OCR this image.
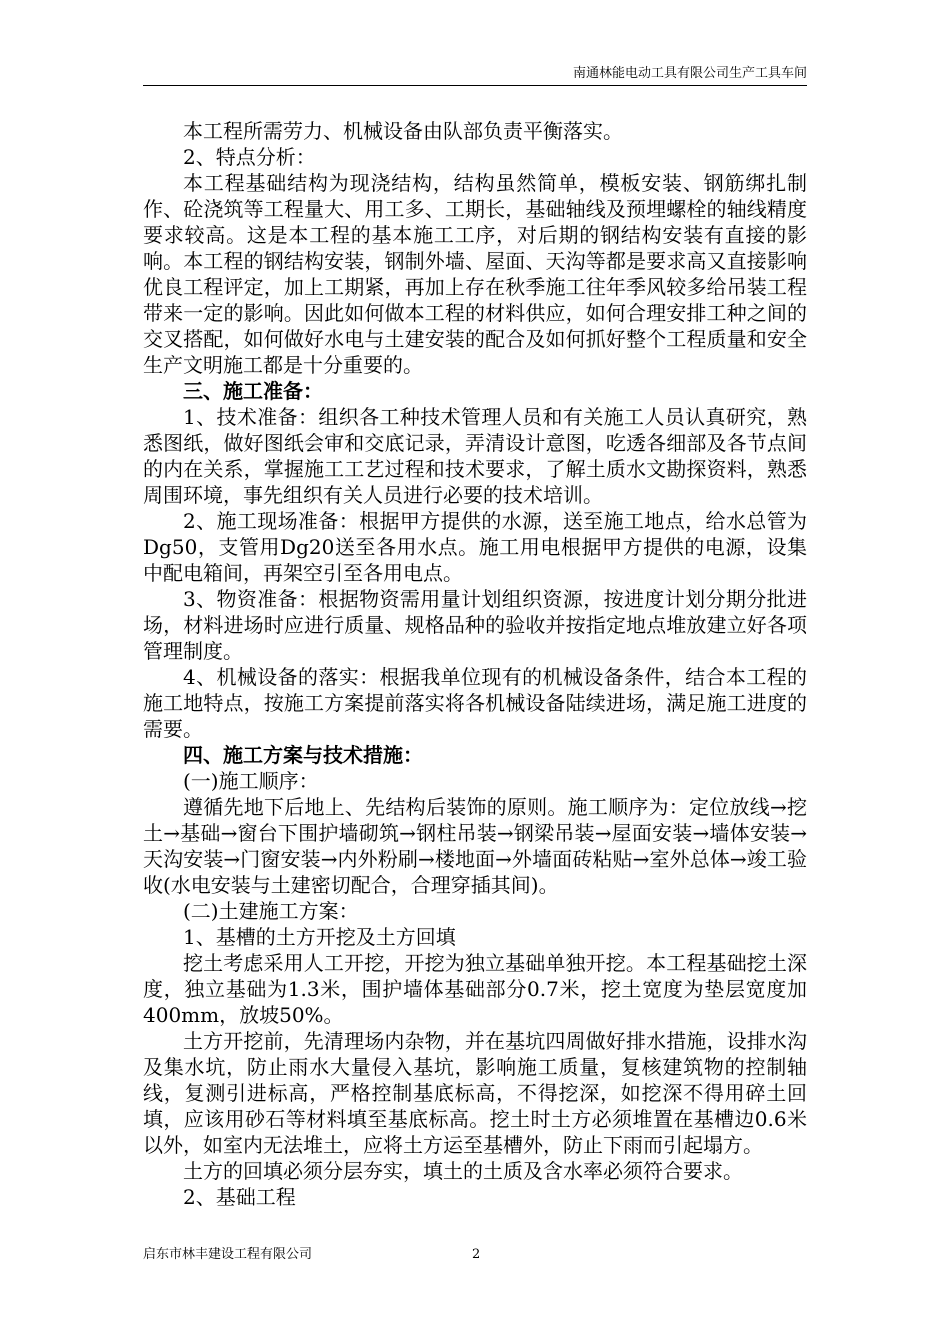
南通林能电动工具有限公司生产工具车间

本工程所需劳力、机械设备由队部负责平衡落实。

2、特点分析：

本工程基础结构为现浇结构，结构虽然简单，模板安装、钢筋绑扎制作、砼浇筑等工程量大、用工多、工期长，基础轴线及预埋螺栓的轴线精度要求较高。这是本工程的基本施工工序，对后期的钢结构安装有直接的影响。本工程的钢结构安装，钢制外墙、屋面、天沟等都是要求高又直接影响优良工程评定，加上工期紧，再加上存在秋季施工往年季风较多给吊装工程带来一定的影响。因此如何做本工程的材料供应，如何合理安排工种之间的交叉搭配，如何做好水电与土建安装的配合及如何抓好整个工程质量和安全生产文明施工都是十分重要的。

三、施工准备：

1、技术准备：组织各工种技术管理人员和有关施工人员认真研究，熟悉图纸，做好图纸会审和交底记录，弄清设计意图，吃透各细部及各节点间的内在关系，掌握施工工艺过程和技术要求，了解土质水文勘探资料，熟悉周围环境，事先组织有关人员进行必要的技术培训。

2、施工现场准备：根据甲方提供的水源，送至施工地点，给水总管为Dg50，支管用Dg20送至各用水点。施工用电根据甲方提供的电源，设集中配电箱间，再架空引至各用电点。

3、物资准备：根据物资需用量计划组织资源，按进度计划分期分批进场，材料进场时应进行质量、规格品种的验收并按指定地点堆放建立好各项管理制度。

4、机械设备的落实：根据我单位现有的机械设备条件，结合本工程的施工地特点，按施工方案提前落实将各机械设备陆续进场，满足施工进度的需要。

四、施工方案与技术措施：

(一)施工顺序：

遵循先地下后地上、先结构后装饰的原则。施工顺序为：定位放线→挖土→基础→窗台下围护墙砌筑→钢柱吊装→钢梁吊装→屋面安装→墙体安装→天沟安装→门窗安装→内外粉刷→楼地面→外墙面砖粘贴→室外总体→竣工验收(水电安装与土建密切配合，合理穿插其间)。

(二)土建施工方案：

1、基槽的土方开挖及土方回填

挖土考虑采用人工开挖，开挖为独立基础单独开挖。本工程基础挖土深度，独立基础为1.3米，围护墙体基础部分0.7米，挖土宽度为垫层宽度加400mm，放坡50%。

土方开挖前，先清理场内杂物，并在基坑四周做好排水措施，设排水沟及集水坑，防止雨水大量侵入基坑，影响施工质量，复核建筑物的控制轴线，复测引进标高，严格控制基底标高，不得挖深，如挖深不得用碎土回填，应该用砂石等材料填至基底标高。挖土时土方必须堆置在基槽边0.6米以外，如室内无法堆土，应将土方运至基槽外，防止下雨而引起塌方。

土方的回填必须分层夯实，填土的土质及含水率必须符合要求。

2、基础工程

启东市林丰建设工程有限公司	2
